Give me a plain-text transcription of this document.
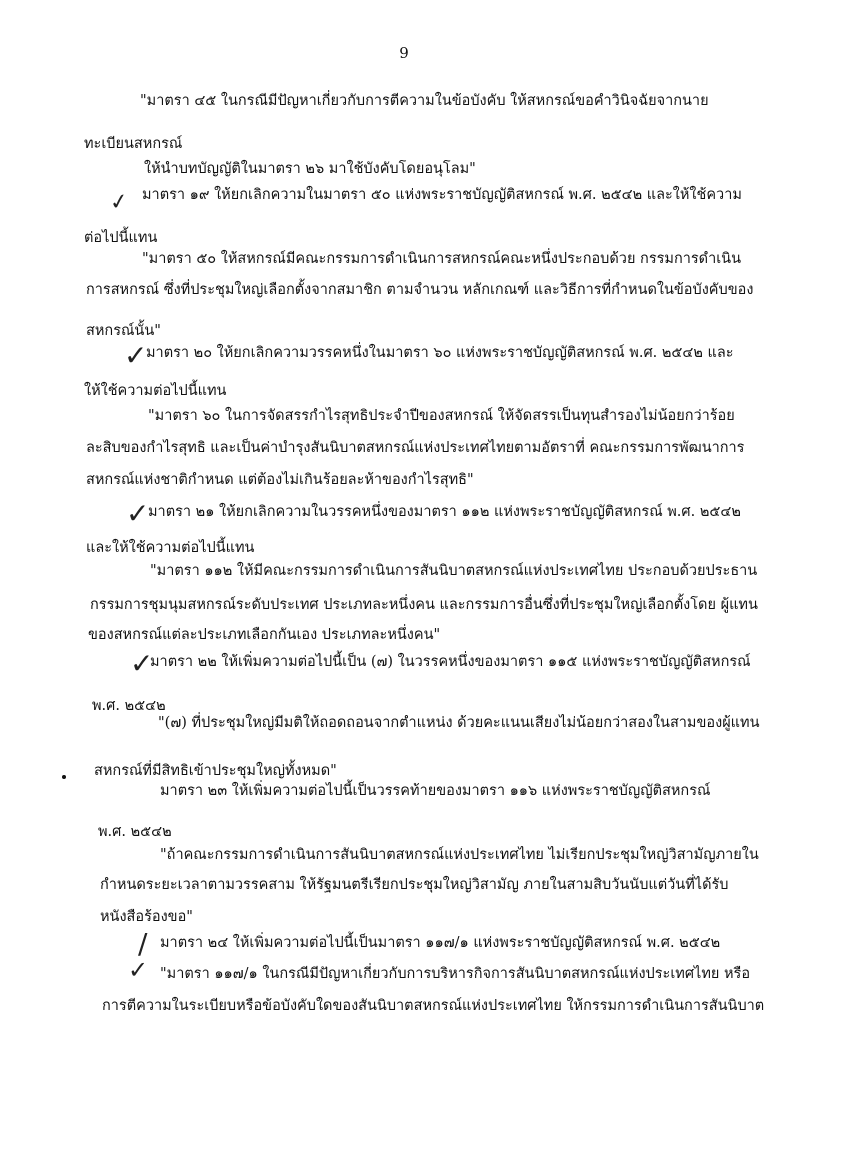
9
✓
✓
✓
✓
/
✓
"มาตรา ๔๕ ในกรณีมีปัญหาเกี่ยวกับการตีความในข้อบังคับ ให้สหกรณ์ขอคำวินิจฉัยจากนาย
ทะเบียนสหกรณ์
ให้นำบทบัญญัติในมาตรา ๒๖ มาใช้บังคับโดยอนุโลม"
มาตรา ๑๙ ให้ยกเลิกความในมาตรา ๕๐ แห่งพระราชบัญญัติสหกรณ์ พ.ศ. ๒๕๔๒ และให้ใช้ความ
ต่อไปนี้แทน
"มาตรา ๕๐ ให้สหกรณ์มีคณะกรรมการดำเนินการสหกรณ์คณะหนึ่งประกอบด้วย กรรมการดำเนิน
การสหกรณ์ ซึ่งที่ประชุมใหญ่เลือกตั้งจากสมาชิก ตามจำนวน หลักเกณฑ์ และวิธีการที่กำหนดในข้อบังคับของ
สหกรณ์นั้น"
มาตรา ๒๐ ให้ยกเลิกความวรรคหนึ่งในมาตรา ๖๐ แห่งพระราชบัญญัติสหกรณ์ พ.ศ. ๒๕๔๒ และ
ให้ใช้ความต่อไปนี้แทน
"มาตรา ๖๐ ในการจัดสรรกำไรสุทธิประจำปีของสหกรณ์ ให้จัดสรรเป็นทุนสำรองไม่น้อยกว่าร้อย
ละสิบของกำไรสุทธิ และเป็นค่าบำรุงสันนิบาตสหกรณ์แห่งประเทศไทยตามอัตราที่ คณะกรรมการพัฒนาการ
สหกรณ์แห่งชาติกำหนด แต่ต้องไม่เกินร้อยละห้าของกำไรสุทธิ"
มาตรา ๒๑ ให้ยกเลิกความในวรรคหนึ่งของมาตรา ๑๑๒ แห่งพระราชบัญญัติสหกรณ์ พ.ศ. ๒๕๔๒
และให้ใช้ความต่อไปนี้แทน
"มาตรา ๑๑๒ ให้มีคณะกรรมการดำเนินการสันนิบาตสหกรณ์แห่งประเทศไทย ประกอบด้วยประธาน
กรรมการชุมนุมสหกรณ์ระดับประเทศ ประเภทละหนึ่งคน และกรรมการอื่นซึ่งที่ประชุมใหญ่เลือกตั้งโดย ผู้แทน
ของสหกรณ์แต่ละประเภทเลือกกันเอง ประเภทละหนึ่งคน"
มาตรา ๒๒ ให้เพิ่มความต่อไปนี้เป็น (๗) ในวรรคหนึ่งของมาตรา ๑๑๕ แห่งพระราชบัญญัติสหกรณ์
พ.ศ. ๒๕๔๒
"(๗) ที่ประชุมใหญ่มีมติให้ถอดถอนจากตำแหน่ง ด้วยคะแนนเสียงไม่น้อยกว่าสองในสามของผู้แทน
สหกรณ์ที่มีสิทธิเข้าประชุมใหญ่ทั้งหมด"
มาตรา ๒๓ ให้เพิ่มความต่อไปนี้เป็นวรรคท้ายของมาตรา ๑๑๖ แห่งพระราชบัญญัติสหกรณ์
พ.ศ. ๒๕๔๒
"ถ้าคณะกรรมการดำเนินการสันนิบาตสหกรณ์แห่งประเทศไทย ไม่เรียกประชุมใหญ่วิสามัญภายใน
กำหนดระยะเวลาตามวรรคสาม ให้รัฐมนตรีเรียกประชุมใหญ่วิสามัญ ภายในสามสิบวันนับแต่วันที่ได้รับ
หนังสือร้องขอ"
มาตรา ๒๔ ให้เพิ่มความต่อไปนี้เป็นมาตรา ๑๑๗/๑ แห่งพระราชบัญญัติสหกรณ์ พ.ศ. ๒๕๔๒
"มาตรา ๑๑๗/๑ ในกรณีมีปัญหาเกี่ยวกับการบริหารกิจการสันนิบาตสหกรณ์แห่งประเทศไทย หรือ
การตีความในระเบียบหรือข้อบังคับใดของสันนิบาตสหกรณ์แห่งประเทศไทย ให้กรรมการดำเนินการสันนิบาต
